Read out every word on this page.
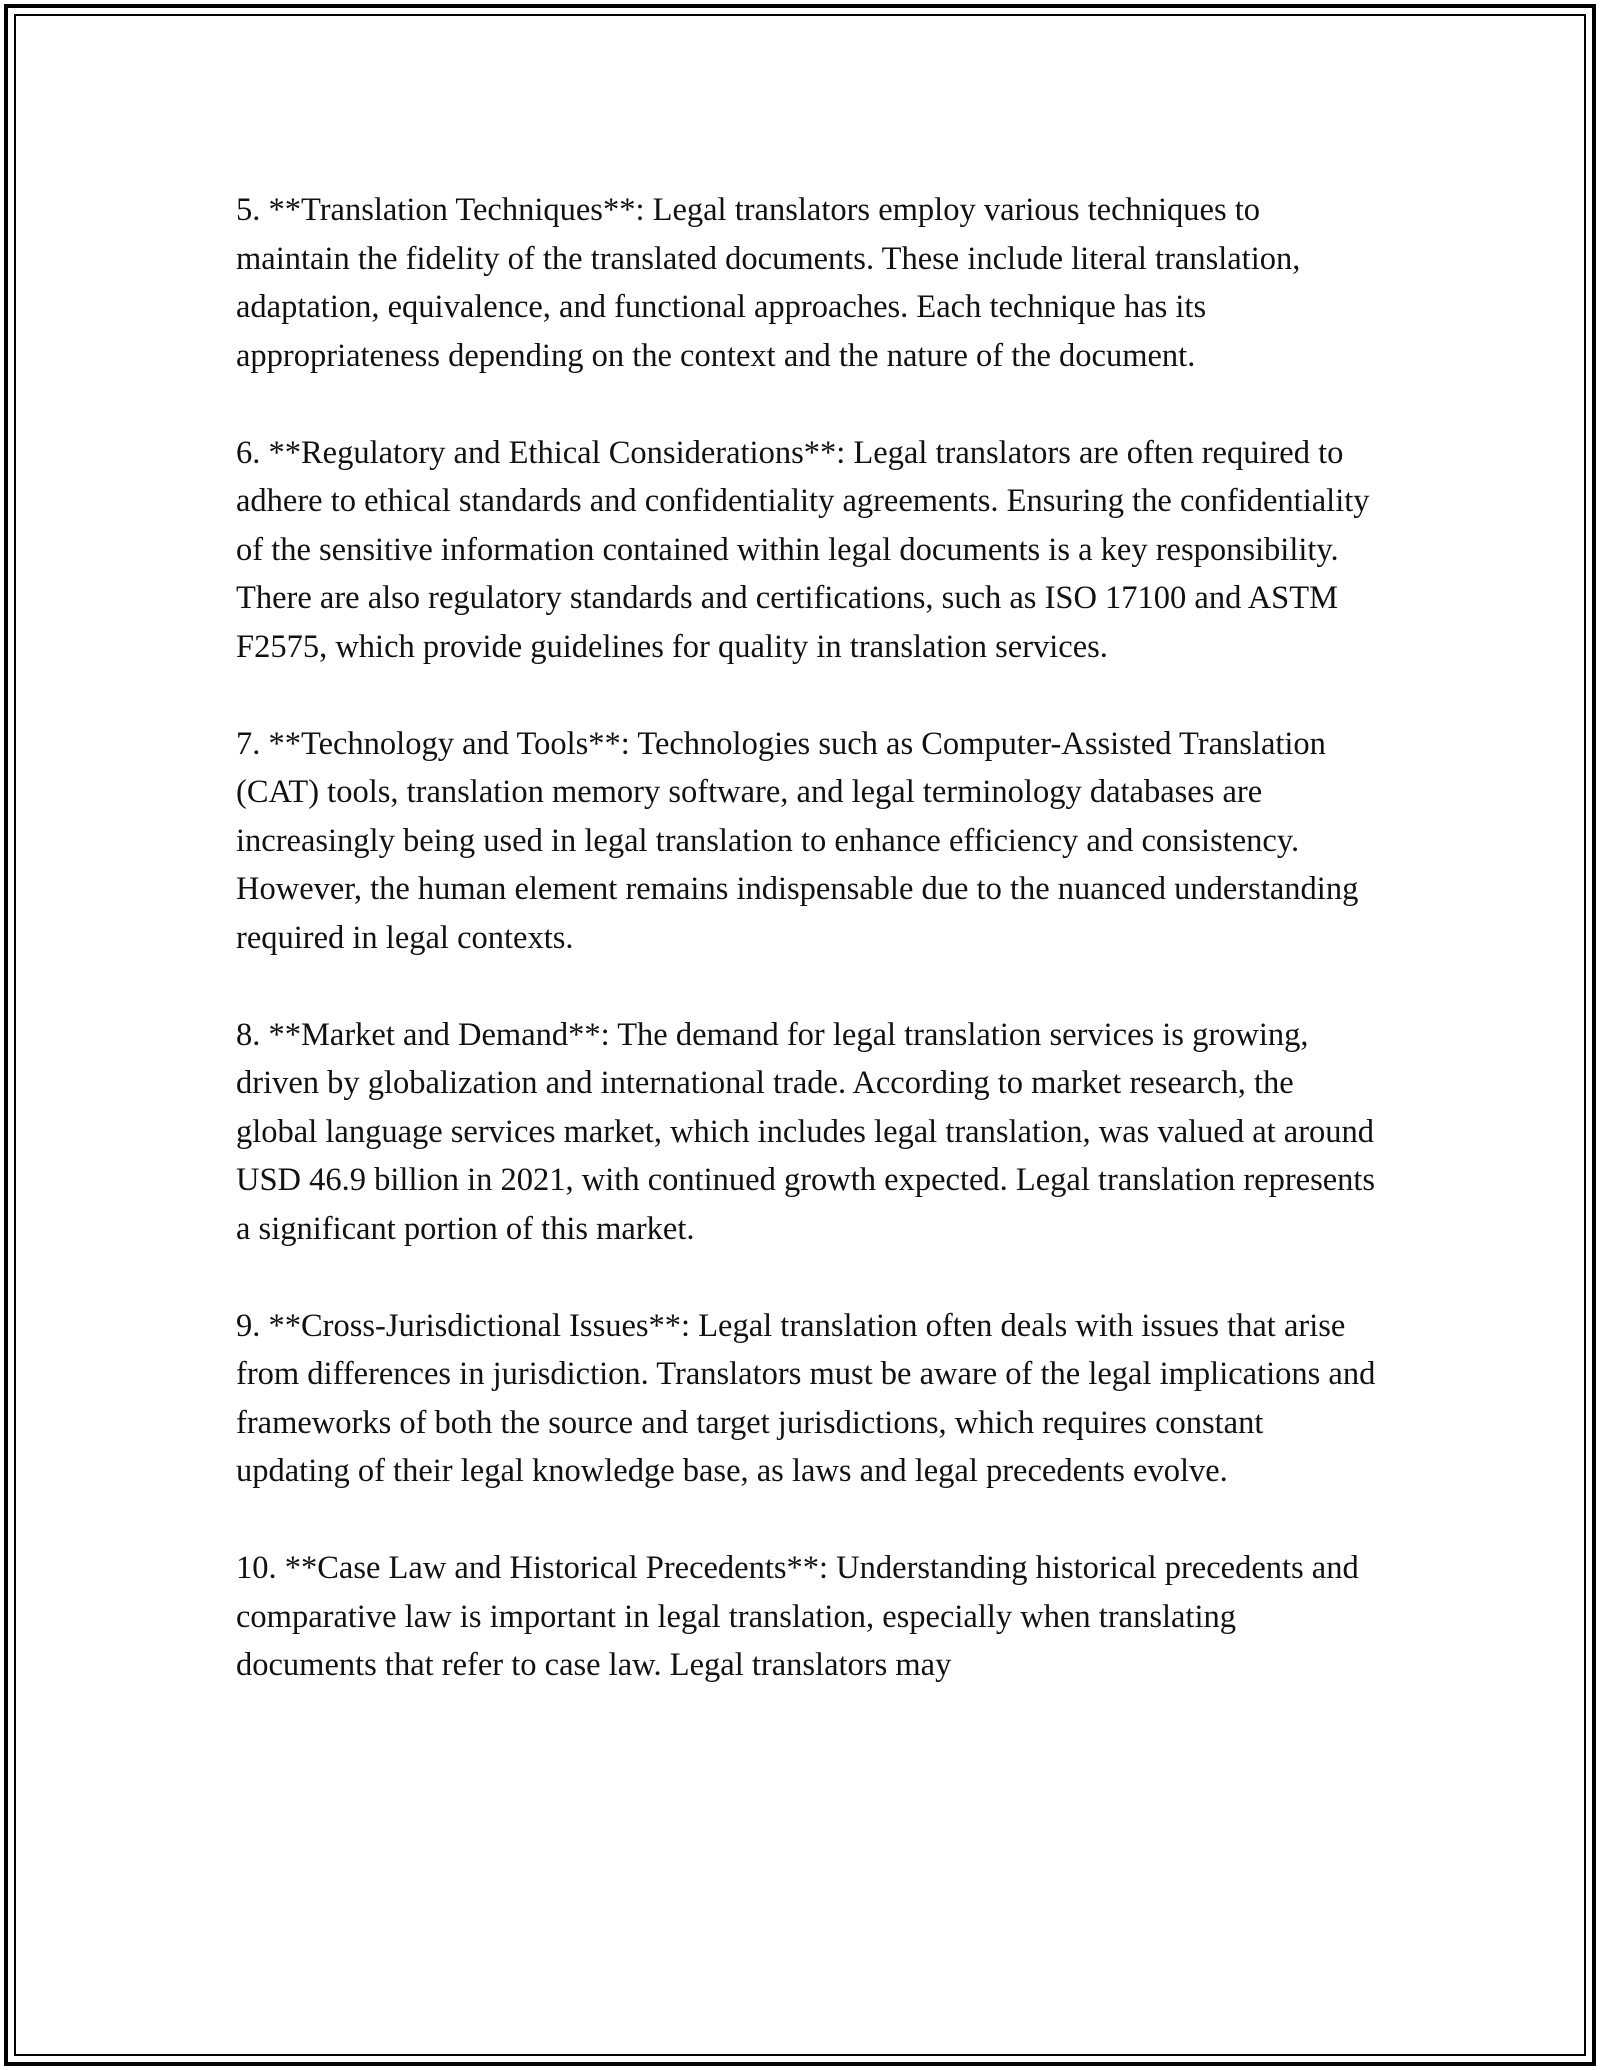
5. **Translation Techniques**: Legal translators employ various techniques to maintain the fidelity of the translated documents. These include literal translation, adaptation, equivalence, and functional approaches. Each technique has its appropriateness depending on the context and the nature of the document.

6. **Regulatory and Ethical Considerations**: Legal translators are often required to adhere to ethical standards and confidentiality agreements. Ensuring the confidentiality of the sensitive information contained within legal documents is a key responsibility. There are also regulatory standards and certifications, such as ISO 17100 and ASTM F2575, which provide guidelines for quality in translation services.

7. **Technology and Tools**: Technologies such as Computer-Assisted Translation (CAT) tools, translation memory software, and legal terminology databases are increasingly being used in legal translation to enhance efficiency and consistency. However, the human element remains indispensable due to the nuanced understanding required in legal contexts.

8. **Market and Demand**: The demand for legal translation services is growing, driven by globalization and international trade. According to market research, the global language services market, which includes legal translation, was valued at around USD 46.9 billion in 2021, with continued growth expected. Legal translation represents a significant portion of this market.

9. **Cross-Jurisdictional Issues**: Legal translation often deals with issues that arise from differences in jurisdiction. Translators must be aware of the legal implications and frameworks of both the source and target jurisdictions, which requires constant updating of their legal knowledge base, as laws and legal precedents evolve.

10. **Case Law and Historical Precedents**: Understanding historical precedents and comparative law is important in legal translation, especially when translating documents that refer to case law. Legal translators may
